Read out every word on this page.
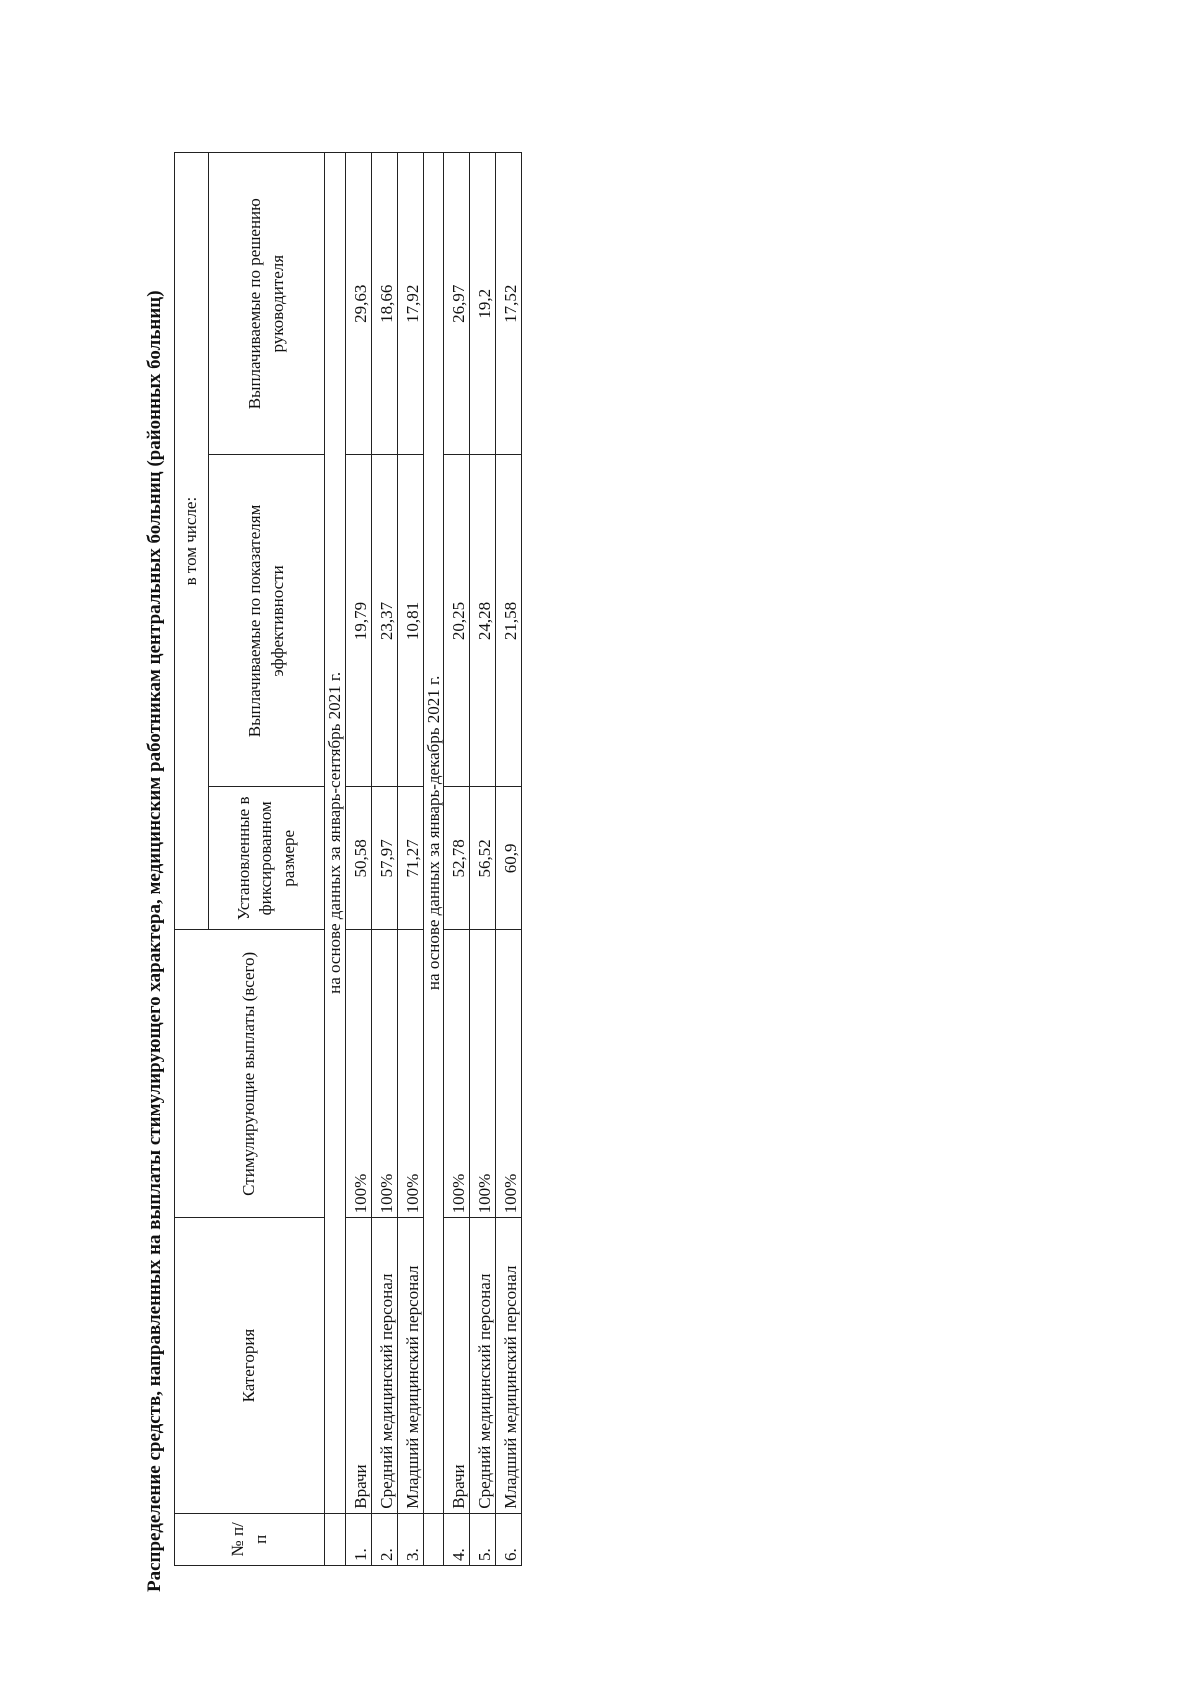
Распределение средств, направленных на выплаты стимулирующего характера, медицинским работникам центральных больниц (районных больниц)	№ п/п	Категория	Стимулирующие выплаты (всего)	в том числе:		
			Установленные в фиксированном размере	Выплачиваемые по показателям эффективности	Выплачиваемые по решению руководителя
	на основе данных за январь-сентябрь 2021 г.				
1.	Врачи	100%	50,58	19,79	29,63
2.	Средний медицинский персонал	100%	57,97	23,37	18,66
3.	Младший медицинский персонал	100%	71,27	10,81	17,92
	на основе данных за январь-декабрь 2021 г.				
4.	Врачи	100%	52,78	20,25	26,97
5.	Средний медицинский персонал	100%	56,52	24,28	19,2
6.	Младший медицинский персонал	100%	60,9	21,58	17,52
